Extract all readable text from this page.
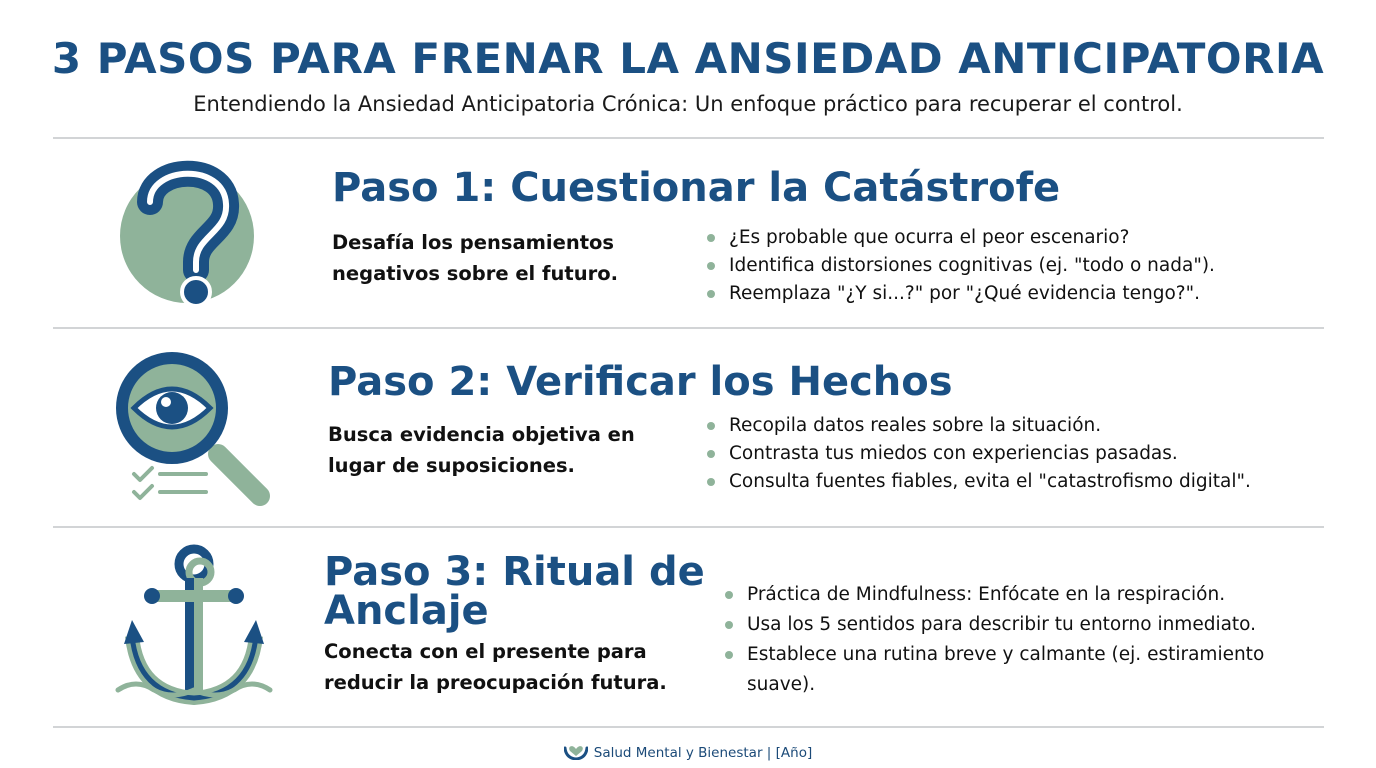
3 PASOS PARA FRENAR LA ANSIEDAD ANTICIPATORIA
Entendiendo la Ansiedad Anticipatoria Crónica: Un enfoque práctico para recuperar el control.
Paso 1: Cuestionar la Catástrofe
Desafía los pensamientos
negativos sobre el futuro.
¿Es probable que ocurra el peor escenario?
Identifica distorsiones cognitivas (ej. "todo o nada").
Reemplaza "¿Y si...?" por "¿Qué evidencia tengo?".
Paso 2: Verificar los Hechos
Busca evidencia objetiva en
lugar de suposiciones.
Recopila datos reales sobre la situación.
Contrasta tus miedos con experiencias pasadas.
Consulta fuentes fiables, evita el "catastrofismo digital".
Paso 3: Ritual de
Anclaje
Conecta con el presente para
reducir la preocupación futura.
Práctica de Mindfulness: Enfócate en la respiración.
Usa los 5 sentidos para describir tu entorno inmediato.
Establece una rutina breve y calmante (ej. estiramiento suave).
Salud Mental y Bienestar | [Año]
